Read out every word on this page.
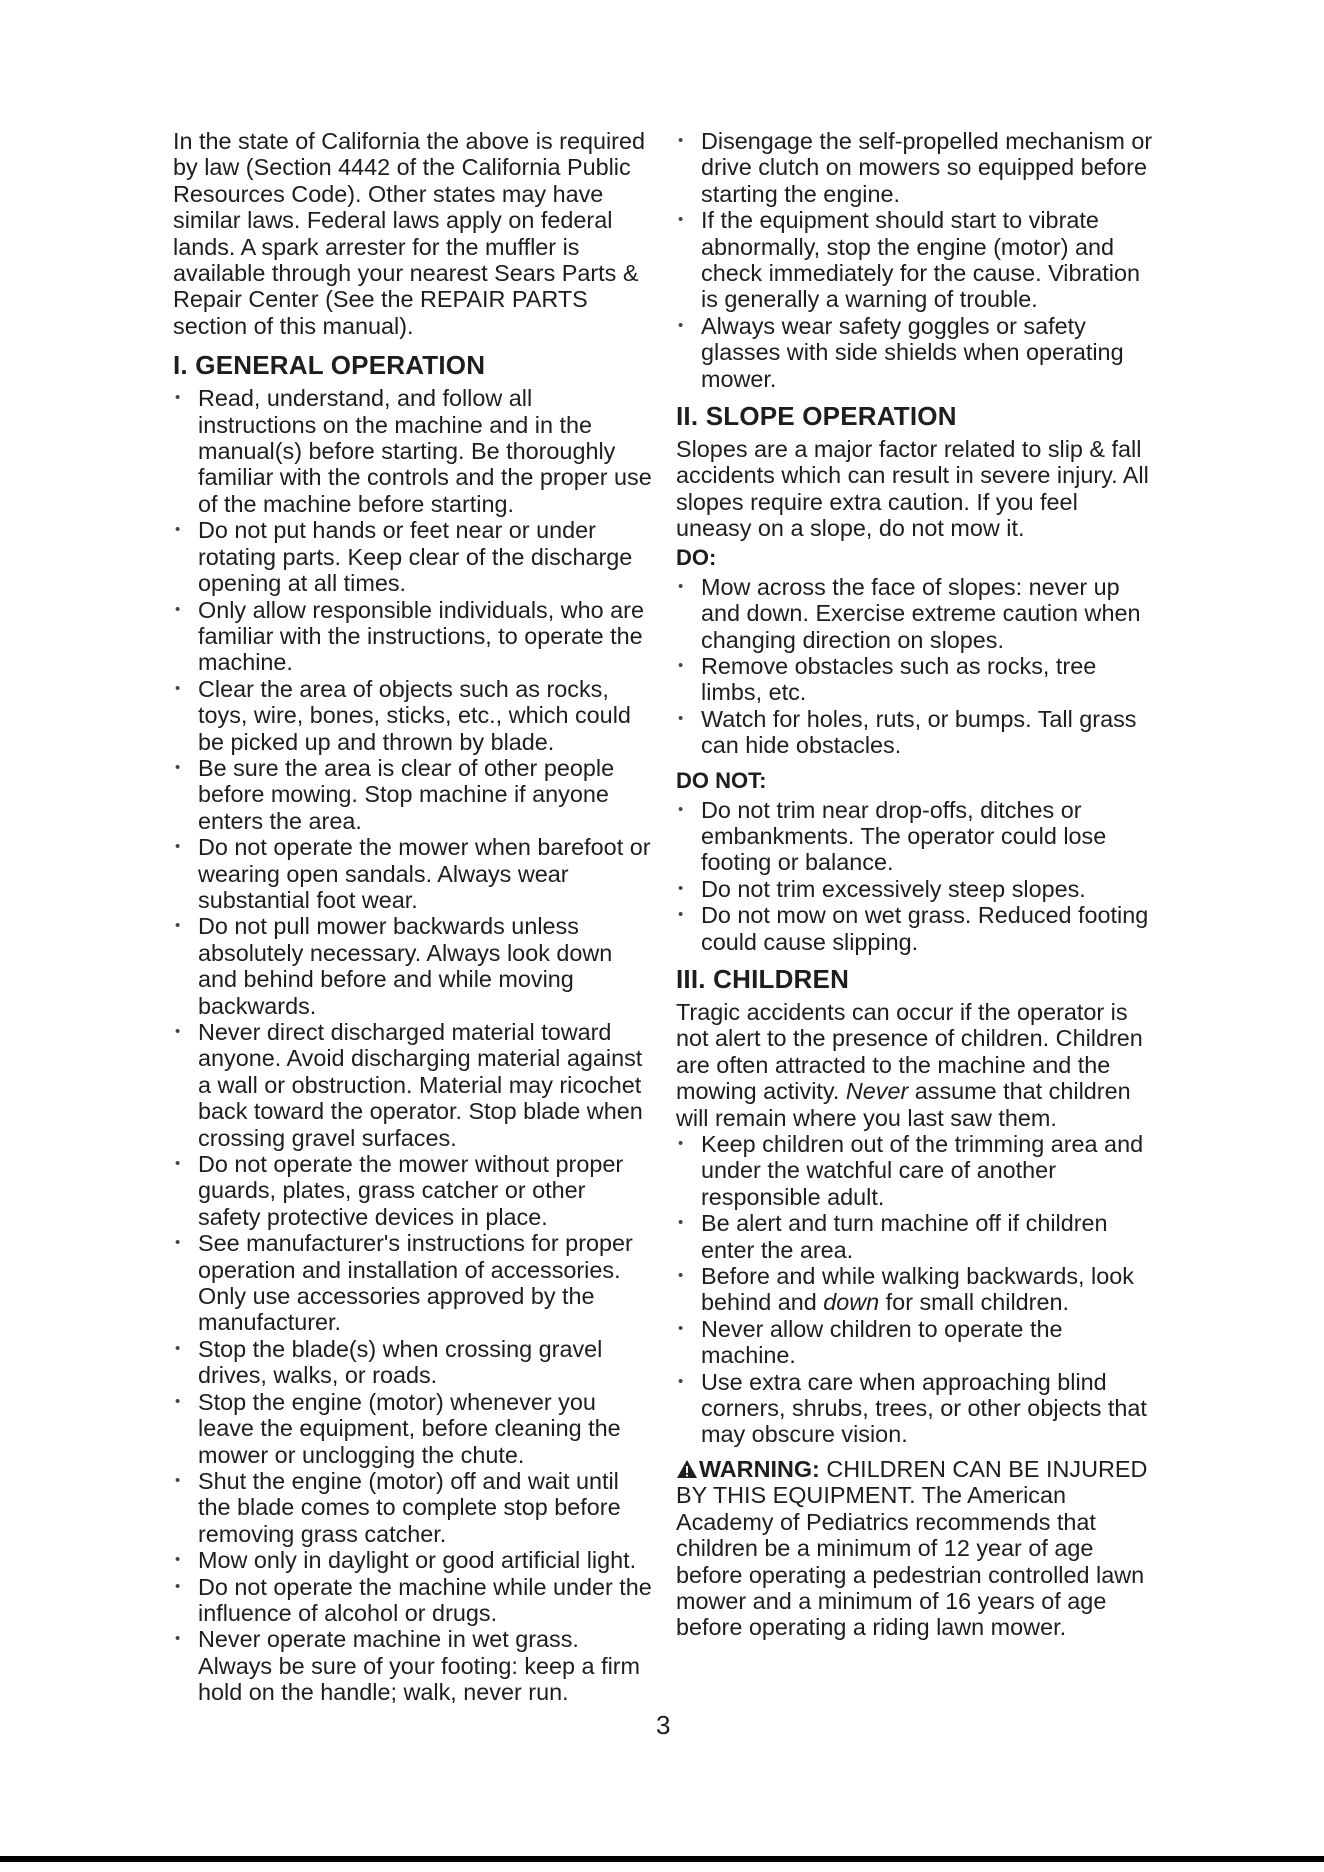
In the state of California the above is required by law (Section 4442 of the California Public Resources Code). Other states may have similar laws. Federal laws apply on federal lands. A spark arrester for the muffler is available through your nearest Sears Parts & Repair Center (See the REPAIR PARTS section of this manual).

I. GENERAL OPERATION
• Read, understand, and follow all instructions on the machine and in the manual(s) before starting. Be thoroughly familiar with the controls and the proper use of the machine before starting.
• Do not put hands or feet near or under rotating parts. Keep clear of the discharge opening at all times.
• Only allow responsible individuals, who are familiar with the instructions, to operate the machine.
• Clear the area of objects such as rocks, toys, wire, bones, sticks, etc., which could be picked up and thrown by blade.
• Be sure the area is clear of other people before mowing. Stop machine if anyone enters the area.
• Do not operate the mower when barefoot or wearing open sandals. Always wear substantial foot wear.
• Do not pull mower backwards unless absolutely necessary. Always look down and behind before and while moving backwards.
• Never direct discharged material toward anyone. Avoid discharging material against a wall or obstruction. Material may ricochet back toward the operator. Stop blade when crossing gravel surfaces.
• Do not operate the mower without proper guards, plates, grass catcher or other safety protective devices in place.
• See manufacturer's instructions for proper operation and installation of accessories. Only use accessories approved by the manufacturer.
• Stop the blade(s) when crossing gravel drives, walks, or roads.
• Stop the engine (motor) whenever you leave the equipment, before cleaning the mower or unclogging the chute.
• Shut the engine (motor) off and wait until the blade comes to complete stop before removing grass catcher.
• Mow only in daylight or good artificial light.
• Do not operate the machine while under the influence of alcohol or drugs.
• Never operate machine in wet grass. Always be sure of your footing: keep a firm hold on the handle; walk, never run.
• Disengage the self-propelled mechanism or drive clutch on mowers so equipped before starting the engine.
• If the equipment should start to vibrate abnormally, stop the engine (motor) and check immediately for the cause. Vibration is generally a warning of trouble.
• Always wear safety goggles or safety glasses with side shields when operating mower.
II. SLOPE OPERATION

Slopes are a major factor related to slip & fall accidents which can result in severe injury. All slopes require extra caution. If you feel uneasy on a slope, do not mow it.

DO:
• Mow across the face of slopes: never up and down. Exercise extreme caution when changing direction on slopes.
• Remove obstacles such as rocks, tree limbs, etc.
• Watch for holes, ruts, or bumps. Tall grass can hide obstacles.
DO NOT:
• Do not trim near drop-offs, ditches or embankments. The operator could lose footing or balance.
• Do not trim excessively steep slopes.
• Do not mow on wet grass. Reduced footing could cause slipping.
III. CHILDREN

Tragic accidents can occur if the operator is not alert to the presence of children. Children are often attracted to the machine and the mowing activity. Never assume that children will remain where you last saw them.

• Keep children out of the trimming area and under the watchful care of another responsible adult.
• Be alert and turn machine off if children enter the area.
• Before and while walking backwards, look behind and down for small children.
• Never allow children to operate the machine.
• Use extra care when approaching blind corners, shrubs, trees, or other objects that may obscure vision.

WARNING: CHILDREN CAN BE INJURED BY THIS EQUIPMENT. The American Academy of Pediatrics recommends that children be a minimum of 12 year of age before operating a pedestrian controlled lawn mower and a minimum of 16 years of age before operating a riding lawn mower.

3
